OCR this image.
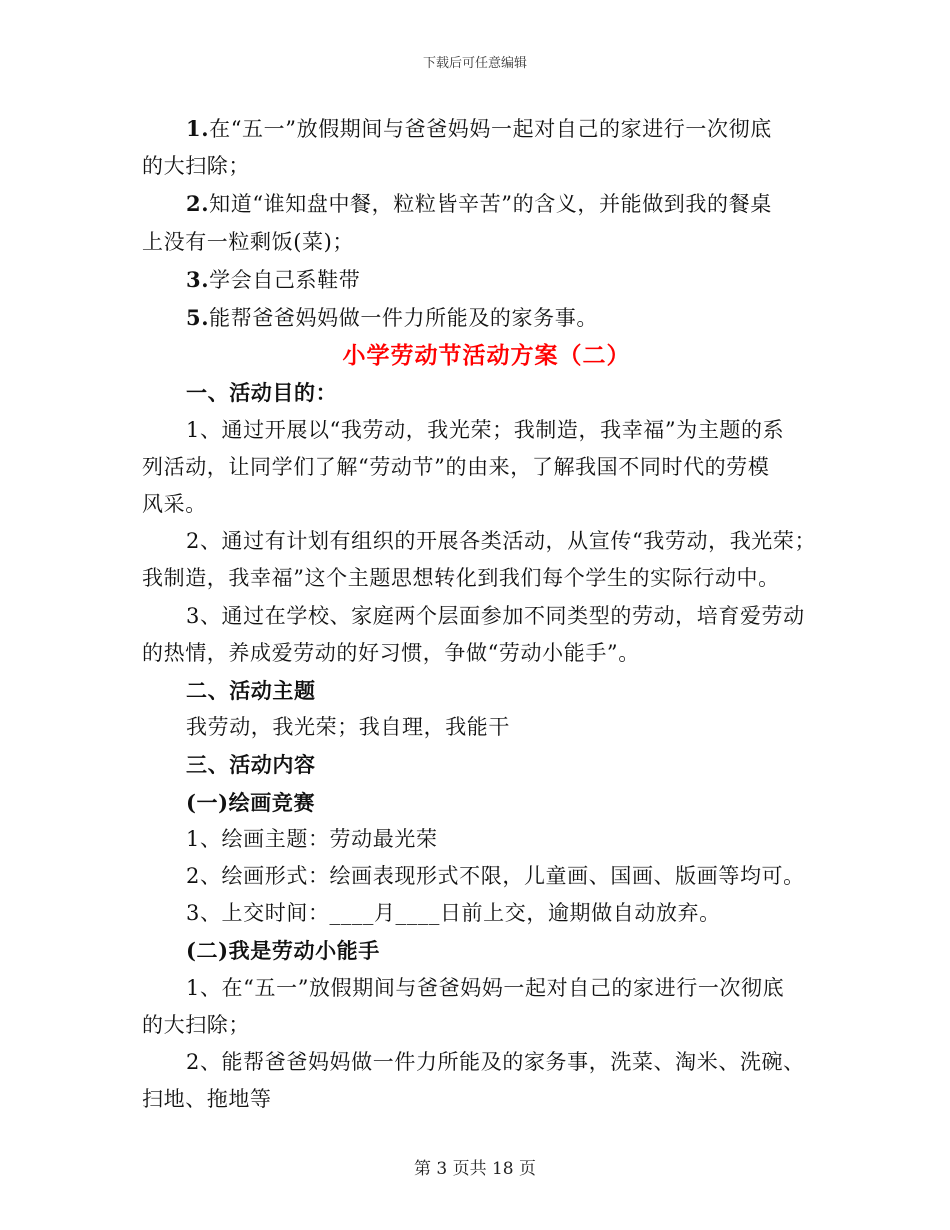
下载后可任意编辑

1.在“五一”放假期间与爸爸妈妈一起对自己的家进行一次彻底

的大扫除；

2.知道“谁知盘中餐，粒粒皆辛苦”的含义，并能做到我的餐桌

上没有一粒剩饭(菜)；

3.学会自己系鞋带

5.能帮爸爸妈妈做一件力所能及的家务事。

小学劳动节活动方案（二）

一、活动目的：

1、通过开展以“我劳动，我光荣；我制造，我幸福”为主题的系

列活动，让同学们了解“劳动节”的由来，了解我国不同时代的劳模

风采。

2、通过有计划有组织的开展各类活动，从宣传“我劳动，我光荣；

我制造，我幸福”这个主题思想转化到我们每个学生的实际行动中。

3、通过在学校、家庭两个层面参加不同类型的劳动，培育爱劳动

的热情，养成爱劳动的好习惯，争做“劳动小能手”。

二、活动主题

我劳动，我光荣；我自理，我能干

三、活动内容

(一)绘画竞赛

1、绘画主题：劳动最光荣

2、绘画形式：绘画表现形式不限，儿童画、国画、版画等均可。

3、上交时间：____月____日前上交，逾期做自动放弃。

(二)我是劳动小能手

1、在“五一”放假期间与爸爸妈妈一起对自己的家进行一次彻底

的大扫除；

2、能帮爸爸妈妈做一件力所能及的家务事，洗菜、淘米、洗碗、

扫地、拖地等

第 3 页共 18 页
